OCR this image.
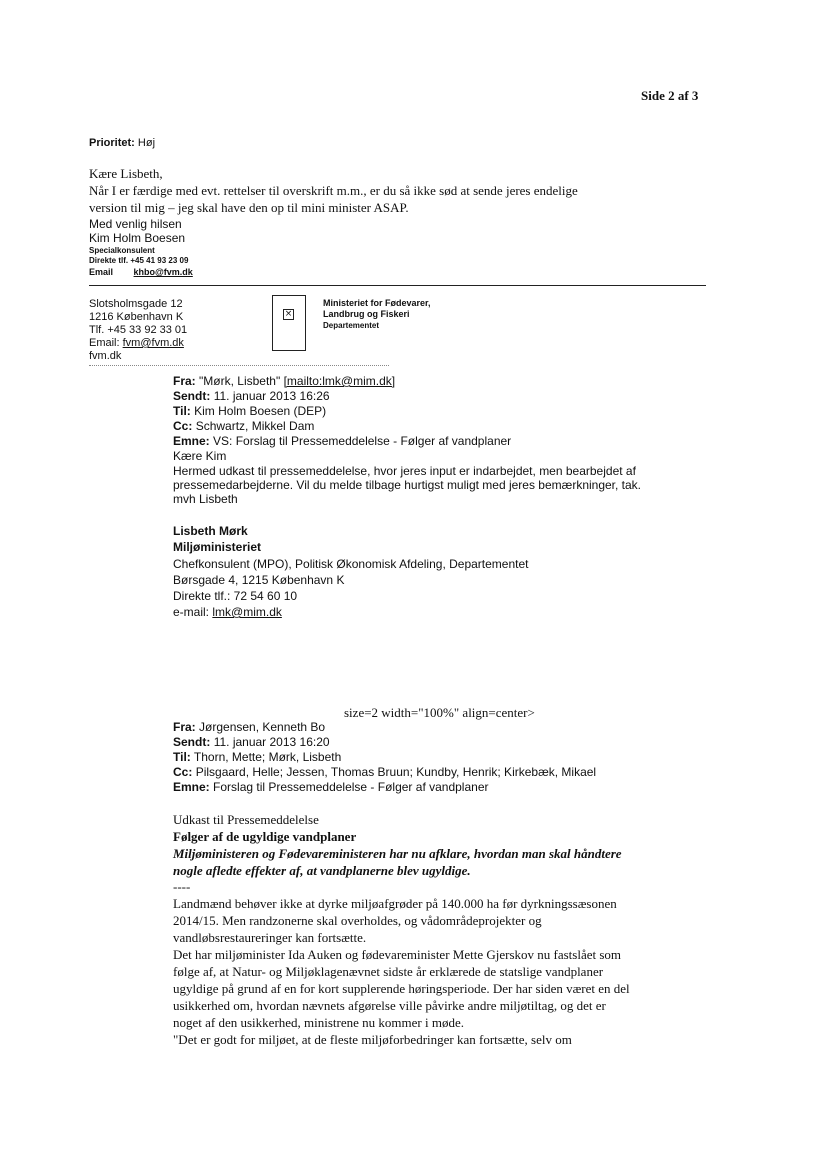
Side 2 af 3
Prioritet: Høj
Kære Lisbeth,
Når I er færdige med evt. rettelser til overskrift m.m., er du så ikke sød at sende jeres endelige
version til mig – jeg skal have den op til mini minister ASAP.
Med venlig hilsen
Kim Holm Boesen
Specialkonsulent
Direkte tlf. +45 41 93 23 09
Email khbo@fvm.dk
Slotsholmsgade 12
1216 København K
Tlf. +45 33 92 33 01
Email: fvm@fvm.dk
fvm.dk
×
Ministeriet for Fødevarer,
Landbrug og Fiskeri
Departementet
Fra: "Mørk, Lisbeth" [mailto:lmk@mim.dk]
Sendt: 11. januar 2013 16:26
Til: Kim Holm Boesen (DEP)
Cc: Schwartz, Mikkel Dam
Emne: VS: Forslag til Pressemeddelelse - Følger af vandplaner
Kære Kim
Hermed udkast til pressemeddelelse, hvor jeres input er indarbejdet, men bearbejdet af
pressemedarbejderne. Vil du melde tilbage hurtigst muligt med jeres bemærkninger, tak.
mvh Lisbeth
Lisbeth Mørk
Miljøministeriet
Chefkonsulent (MPO), Politisk Økonomisk Afdeling, Departementet
Børsgade 4, 1215 København K
Direkte tlf.: 72 54 60 10
e-mail: lmk@mim.dk
size=2 width="100%" align=center>
Fra: Jørgensen, Kenneth Bo
Sendt: 11. januar 2013 16:20
Til: Thorn, Mette; Mørk, Lisbeth
Cc: Pilsgaard, Helle; Jessen, Thomas Bruun; Kundby, Henrik; Kirkebæk, Mikael
Emne: Forslag til Pressemeddelelse - Følger af vandplaner
Udkast til Pressemeddelelse
Følger af de ugyldige vandplaner
Miljøministeren og Fødevareministeren har nu afklare, hvordan man skal håndtere
nogle afledte effekter af, at vandplanerne blev ugyldige.
----
Landmænd behøver ikke at dyrke miljøafgrøder på 140.000 ha før dyrkningssæsonen
2014/15. Men randzonerne skal overholdes, og vådområdeprojekter og
vandløbsrestaureringer kan fortsætte.
Det har miljøminister Ida Auken og fødevareminister Mette Gjerskov nu fastslået som
følge af, at Natur- og Miljøklagenævnet sidste år erklærede de statslige vandplaner
ugyldige på grund af en for kort supplerende høringsperiode. Der har siden været en del
usikkerhed om, hvordan nævnets afgørelse ville påvirke andre miljøtiltag, og det er
noget af den usikkerhed, ministrene nu kommer i møde.
"Det er godt for miljøet, at de fleste miljøforbedringer kan fortsætte, selv om
